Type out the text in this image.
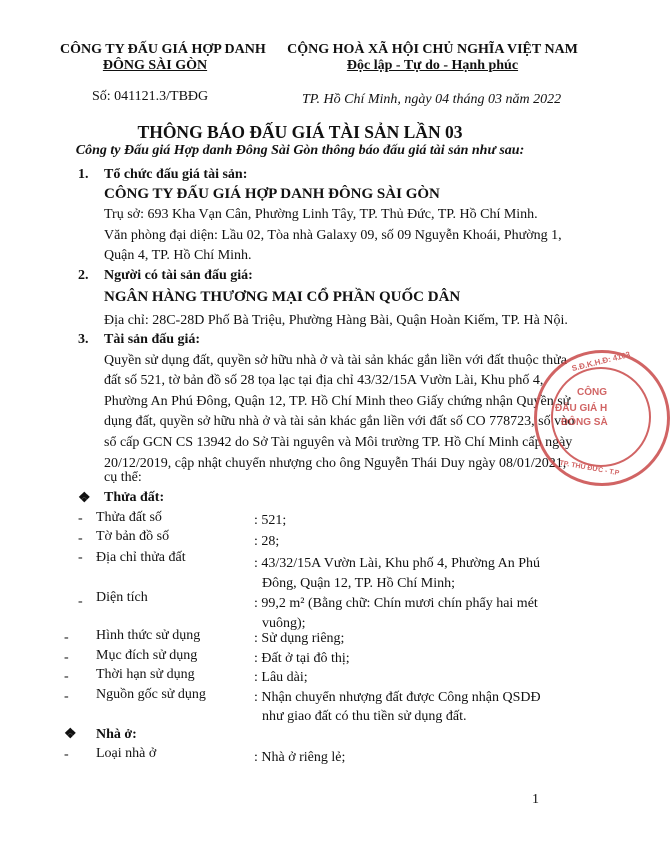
CÔNG TY ĐẤU GIÁ HỢP DANH
ĐÔNG SÀI GÒN
CỘNG HOÀ XÃ HỘI CHỦ NGHĨA VIỆT NAM
Độc lập - Tự do - Hạnh phúc
Số: 041121.3/TBĐG	TP. Hồ Chí Minh, ngày 04 tháng 03 năm 2022
THÔNG BÁO ĐẤU GIÁ TÀI SẢN LẦN 03
Công ty Đấu giá Hợp danh Đông Sài Gòn thông báo đấu giá tài sản như sau:
1. Tổ chức đấu giá tài sản:
CÔNG TY ĐẤU GIÁ HỢP DANH ĐÔNG SÀI GÒN
Trụ sở: 693 Kha Vạn Cân, Phường Linh Tây, TP. Thủ Đức, TP. Hồ Chí Minh.
Văn phòng đại diện: Lầu 02, Tòa nhà Galaxy 09, số 09 Nguyễn Khoái, Phường 1,
Quận 4, TP. Hồ Chí Minh.
2. Người có tài sản đấu giá:
NGÂN HÀNG THƯƠNG MẠI CỔ PHẦN QUỐC DÂN
Địa chỉ: 28C-28D Phố Bà Triệu, Phường Hàng Bài, Quận Hoàn Kiếm, TP. Hà Nội.
3. Tài sản đấu giá:
Quyền sử dụng đất, quyền sở hữu nhà ở và tài sản khác gắn liền với đất thuộc thửa
đất số 521, tờ bản đồ số 28 tọa lạc tại địa chỉ 43/32/15A Vườn Lài, Khu phố 4,
Phường An Phú Đông, Quận 12, TP. Hồ Chí Minh theo Giấy chứng nhận Quyền sử
dụng đất, quyền sở hữu nhà ở và tài sản khác gắn liền với đất số CO 778723, số vào
sổ cấp GCN CS 13942 do Sở Tài nguyên và Môi trường TP. Hồ Chí Minh cấp ngày
20/12/2019, cập nhật chuyển nhượng cho ông Nguyễn Thái Duy ngày 08/01/2021,
cụ thể:
❖ Thửa đất:
- Thửa đất số	: 521;
- Tờ bản đồ số	: 28;
- Địa chỉ thửa đất	: 43/32/15A Vườn Lài, Khu phố 4, Phường An Phú
Đông, Quận 12, TP. Hồ Chí Minh;
- Diện tích	: 99,2 m² (Bằng chữ: Chín mươi chín phẩy hai mét
vuông);
- Hình thức sử dụng	: Sử dụng riêng;
- Mục đích sử dụng	: Đất ở tại đô thị;
- Thời hạn sử dụng	: Lâu dài;
- Nguồn gốc sử dụng	: Nhận chuyển nhượng đất được Công nhận QSDĐ
như giao đất có thu tiền sử dụng đất.
❖ Nhà ở:
- Loại nhà ở	: Nhà ở riêng lẻ;
1
S.Đ.K.H.Đ: 4103
CÔNG
ĐẤU GIÁ H
ĐÔNG SÀ
TP. THỦ ĐỨC - T.P
